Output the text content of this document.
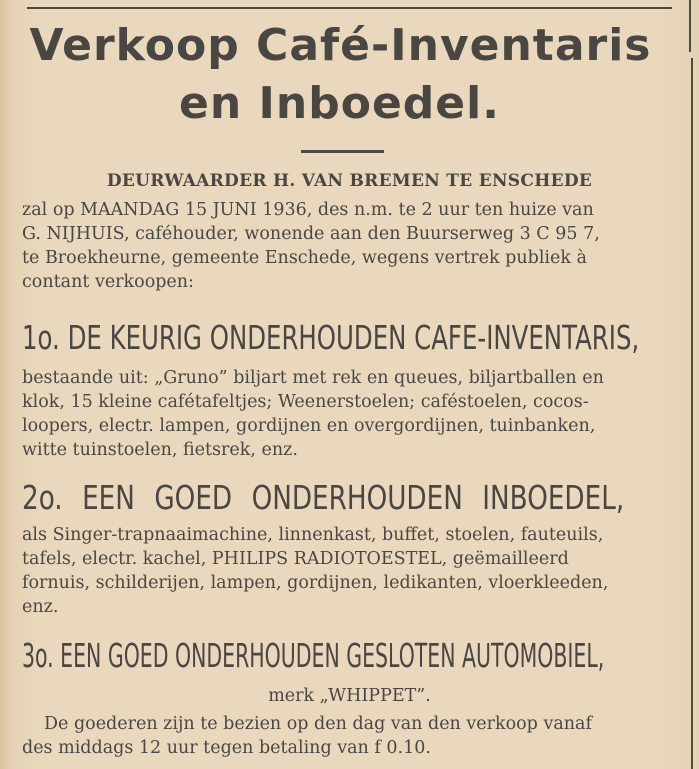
Verkoop Café-Inventaris
en Inboedel.
DEURWAARDER H. VAN BREMEN TE ENSCHEDE
zal op MAANDAG 15 JUNI 1936, des n.m. te 2 uur ten huize van
G. NIJHUIS, caféhouder, wonende aan den Buurserweg 3 C 95 7,
te Broekheurne, gemeente Enschede, wegens vertrek publiek à
contant verkoopen:
1o. DE KEURIG ONDERHOUDEN CAFE-INVENTARIS,
bestaande uit: „Gruno” biljart met rek en queues, biljartballen en
klok, 15 kleine cafétafeltjes; Weenerstoelen; caféstoelen, cocos-
loopers, electr. lampen, gordijnen en overgordijnen, tuinbanken,
witte tuinstoelen, fietsrek, enz.
2o. EEN GOED ONDERHOUDEN INBOEDEL,
als Singer-trapnaaimachine, linnenkast, buffet, stoelen, fauteuils,
tafels, electr. kachel, PHILIPS RADIOTOESTEL, geëmailleerd
fornuis, schilderijen, lampen, gordijnen, ledikanten, vloerkleeden,
enz.
3o. EEN GOED ONDERHOUDEN GESLOTEN AUTOMOBIEL,
merk „WHIPPET”.
De goederen zijn te bezien op den dag van den verkoop vanaf
des middags 12 uur tegen betaling van f 0.10.
